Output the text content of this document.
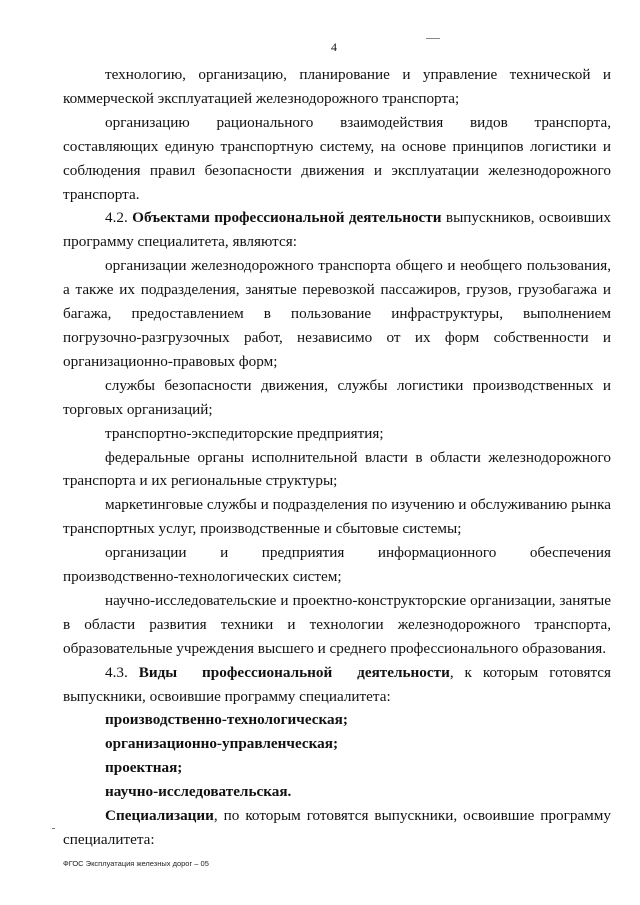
4

технологию, организацию, планирование и управление технической и коммерческой эксплуатацией железнодорожного транспорта;

организацию рационального взаимодействия видов транспорта, составляющих единую транспортную систему, на основе принципов логистики и соблюдения правил безопасности движения и эксплуатации железнодорожного транспорта.

4.2. Объектами профессиональной деятельности выпускников, освоивших программу специалитета, являются:

организации железнодорожного транспорта общего и необщего пользования, а также их подразделения, занятые перевозкой пассажиров, грузов, грузобагажа и багажа, предоставлением в пользование инфраструктуры, выполнением погрузочно-разгрузочных работ, независимо от их форм собственности и организационно-правовых форм;

службы безопасности движения, службы логистики производственных и торговых организаций;

транспортно-экспедиторские предприятия;

федеральные органы исполнительной власти в области железнодорожного транспорта и их региональные структуры;

маркетинговые службы и подразделения по изучению и обслуживанию рынка транспортных услуг, производственные и сбытовые системы;

организации и предприятия информационного обеспечения производственно-технологических систем;

научно-исследовательские и проектно-конструкторские организации, занятые в области развития техники и технологии железнодорожного транспорта, образовательные учреждения высшего и среднего профессионального образования.

4.3. Виды профессиональной деятельности, к которым готовятся выпускники, освоившие программу специалитета:

производственно-технологическая;

организационно-управленческая;

проектная;

научно-исследовательская.

Специализации, по которым готовятся выпускники, освоившие программу специалитета:

ФГОС Эксплуатация железных дорог – 05
